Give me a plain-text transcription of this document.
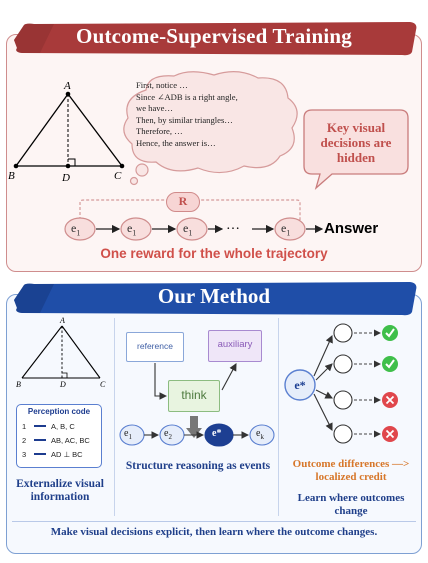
Outcome-Supervised Training
A
B	D	C
First, notice …
Since ∠ADB is a right angle,
we have…
Then, by similar triangles…
Therefore, …
Hence, the answer is…
Key visual decisions are hidden
R
$e_1$	$e_1$	$e_1$ …	$e_1$ Answer
One reward for the whole trajectory
Our Method
A
B	D	C
Perception code
1	A, B, C
2	AB, AC, BC
3	AD ⊥ BC
Externalize visual information
reference	auxiliary
think
$e_1$	$e_2$	e*	$e_k$
Structure reasoning as events
e*
Outcome differences —> localized credit
Learn where outcomes change
Make visual decisions explicit, then learn where the outcome changes.
